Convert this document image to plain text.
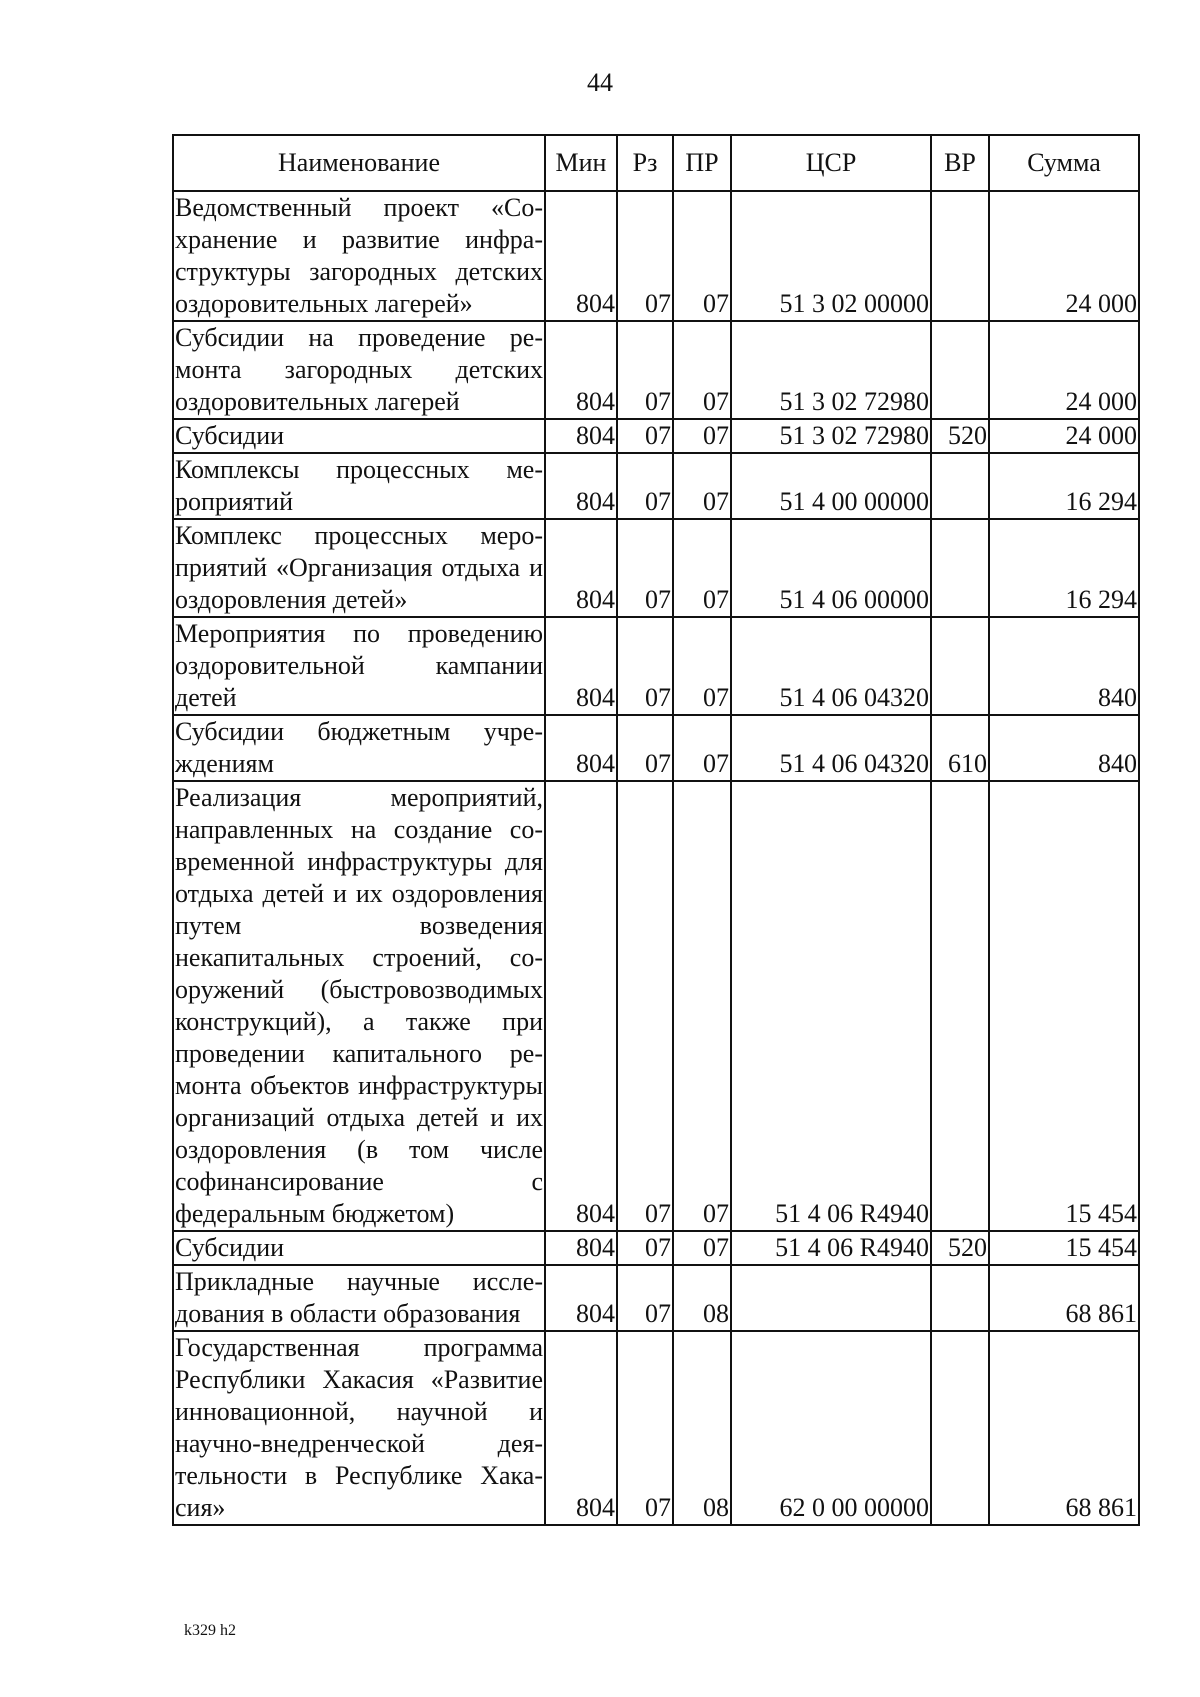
44
Наименование	Мин	Рз	ПР	ЦСР	ВР	Сумма
Ведомственный проект «Сохранение и развитие инфраструктуры загородных детских оздоровительных лагерей»	804	07	07	51 3 02 00000		24 000
Субсидии на проведение ремонта загородных детских оздоровительных лагерей	804	07	07	51 3 02 72980		24 000
Субсидии	804	07	07	51 3 02 72980	520	24 000
Комплексы процессных мероприятий	804	07	07	51 4 00 00000		16 294
Комплекс процессных мероприятий «Организация отдыха и оздоровления детей»	804	07	07	51 4 06 00000		16 294
Мероприятия по проведению оздоровительной кампании детей	804	07	07	51 4 06 04320		840
Субсидии бюджетным учреждениям	804	07	07	51 4 06 04320	610	840
Реализация мероприятий, направленных на создание современной инфраструктуры для отдыха детей и их оздоровления путем возведения некапитальных строений, сооружений (быстровозводимых конструкций), а также при проведении капитального ремонта объектов инфраструктуры организаций отдыха детей и их оздоровления (в том числе софинансирование с федеральным бюджетом)	804	07	07	51 4 06 R4940		15 454
Субсидии	804	07	07	51 4 06 R4940	520	15 454
Прикладные научные исследования в области образования	804	07	08			68 861
Государственная программа Республики Хакасия «Развитие инновационной, научной и научно-внедренческой деятельности в Республике Хакасия»	804	07	08	62 0 00 00000		68 861
k329 h2
